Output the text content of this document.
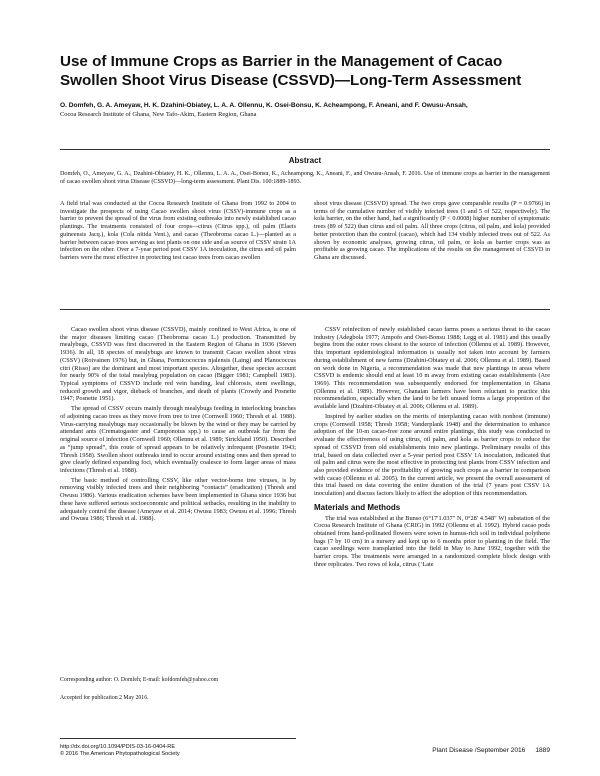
Use of Immune Crops as Barrier in the Management of Cacao Swollen Shoot Virus Disease (CSSVD)—Long-Term Assessment

O. Domfeh, G. A. Ameyaw, H. K. Dzahini-Obiatey, L. A. A. Ollennu, K. Osei-Bonsu, K. Acheampong, F. Aneani, and F. Owusu-Ansah,

Cocoa Research Institute of Ghana, New Tafo-Akim, Eastern Region, Ghana

Abstract

Domfeh, O., Ameyaw, G. A., Dzahini-Obiatey, H. K., Ollennu, L. A. A., Osei-Bonsu, K., Acheampong, K., Aneani, F., and Owusu-Ansah, F. 2016. Use of immune crops as barrier in the management of cacao swollen shoot virus Disease (CSSVD)—long-term assessment. Plant Dis. 100:1889-1893.

A field trial was conducted at the Cocoa Research Institute of Ghana from 1992 to 2004 to investigate the prospects of using Cacao swollen shoot virus (CSSV)-immune crops as a barrier to prevent the spread of the virus from existing outbreaks into newly established cacao plantings. The treatments consisted of four crops—citrus (Citrus spp.), oil palm (Elaeis guineensis Jacq.), kola (Cola nitida Vent.), and cacao (Theobroma cacao L.)—planted as a barrier between cacao trees serving as test plants on one side and as source of CSSV strain 1A infection on the other. Over a 7-year period post CSSV 1A inoculation, the citrus and oil palm barriers were the most effective in protecting test cacao trees from cacao swollen

shoot virus disease (CSSVD) spread. The two crops gave comparable results (P = 0.9766) in terms of the cumulative number of visibly infected trees (1 and 5 of 522, respectively). The kola barrier, on the other hand, had a significantly (P < 0.0008) higher number of symptomatic trees (89 of 522) than citrus and oil palm. All three crops (citrus, oil palm, and kola) provided better protection than the control (cacao), which had 134 visibly infected trees out of 522. As shown by economic analyses, growing citrus, oil palm, or kola as barrier crops was as profitable as growing cacao. The implications of the results on the management of CSSVD in Ghana are discussed.

Cacao swollen shoot virus disease (CSSVD), mainly confined to West Africa, is one of the major diseases limiting cacao (Theobroma cacao L.) production. Transmitted by mealybugs, CSSVD was first discovered in the Eastern Region of Ghana in 1936 (Steven 1936). In all, 18 species of mealybugs are known to transmit Cacao swollen shoot virus (CSSV) (Roivainen 1976) but, in Ghana, Formicococcus njalensis (Laing) and Planococcus citri (Risso) are the dominant and most important species. Altogether, these species account for nearly 90% of the total mealybug population on cacao (Bigger 1981; Campbell 1983). Typical symptoms of CSSVD include red vein banding, leaf chlorosis, stem swellings, reduced growth and vigor, dieback of branches, and death of plants (Crowdy and Posnette 1947; Posnette 1951).

The spread of CSSV occurs mainly through mealybugs feeding in interlocking branches of adjoining cacao trees as they move from tree to tree (Cornwell 1960; Thresh et al. 1988). Virus-carrying mealybugs may occasionally be blown by the wind or they may be carried by attendant ants (Crematogaster and Camponotus spp.) to cause an outbreak far from the original source of infection (Cornwell 1960; Ollennu et al. 1989; Strickland 1950). Described as “jump spread”, this route of spread appears to be relatively infrequent (Posnette 1943; Thresh 1958). Swollen shoot outbreaks tend to occur around existing ones and then spread to give clearly defined expanding foci, which eventually coalesce to form larger areas of mass infections (Thresh et al. 1988).

The basic method of controlling CSSV, like other vector-borne tree viruses, is by removing visibly infected trees and their neighboring “contacts” (eradication) (Thresh and Owusu 1986). Various eradication schemes have been implemented in Ghana since 1936 but these have suffered serious socioeconomic and political setbacks, resulting in the inability to adequately control the disease (Ameyaw et al. 2014; Owusu 1983; Owusu et al. 1996; Thresh and Owusu 1986; Thresh et al. 1988).

CSSV reinfection of newly established cacao farms poses a serious threat to the cacao industry (Adegbola 1977; Ampofo and Osei-Bonsu 1988; Legg et al. 1981) and this usually begins from the outer rows closest to the source of infection (Ollennu et al. 1989). However, this important epidemiological information is usually not taken into account by farmers during establishment of new farms (Dzahini-Obiatey et al. 2006; Ollennu et al. 1989). Based on work done in Nigeria, a recommendation was made that new plantings in areas where CSSVD is endemic should end at least 10 m away from existing cacao establishments (Are 1969). This recommendation was subsequently endorsed for implementation in Ghana (Ollennu et al. 1989). However, Ghanaian farmers have been reluctant to practice this recommendation, especially when the land to be left unused forms a large proportion of the available land (Dzahini-Obiatey et al. 2006; Ollennu et al. 1989).

Inspired by earlier studies on the merits of interplanting cacao with nonhost (immune) crops (Cornwell 1958; Thresh 1958; Vanderplank 1948) and the determination to enhance adoption of the 10-m cacao-free zone around entire plantings, this study was conducted to evaluate the effectiveness of using citrus, oil palm, and kola as barrier crops to reduce the spread of CSSVD from old establishments into new plantings. Preliminary results of this trial, based on data collected over a 5-year period post CSSV 1A inoculation, indicated that oil palm and citrus were the most effective in protecting test plants from CSSV infection and also provided evidence of the profitability of growing such crops as a barrier in comparison with cacao (Ollennu et al. 2005). In the current article, we present the overall assessment of this trial based on data covering the entire duration of the trial (7 years post CSSV 1A inoculation) and discuss factors likely to affect the adoption of this recommendation.

Materials and Methods

The trial was established at the Bunso (6°17′1.037″ N, 0°28′ 4.548″ W) substation of the Cocoa Research Institute of Ghana (CRIG) in 1992 (Ollennu et al. 1992). Hybrid cacao pods obtained from hand-pollinated flowers were sown in humus-rich soil in individual polythene bags (7 by 10 cm) in a nursery and kept up to 6 months prior to planting in the field. The cacao seedlings were transplanted into the field in May to June 1992, together with the barrier crops. The treatments were arranged in a randomized complete block design with three replicates. Two rows of kola, citrus (‘Late

Corresponding author: O. Domfeh; E-mail: kofdomfeh@yahoo.com

Accepted for publication 2 May 2016.

http://dx.doi.org/10.1094/PDIS-03-16-0404-RE
© 2016 The American Phytopathological Society	Plant Disease /September 2016 1889
